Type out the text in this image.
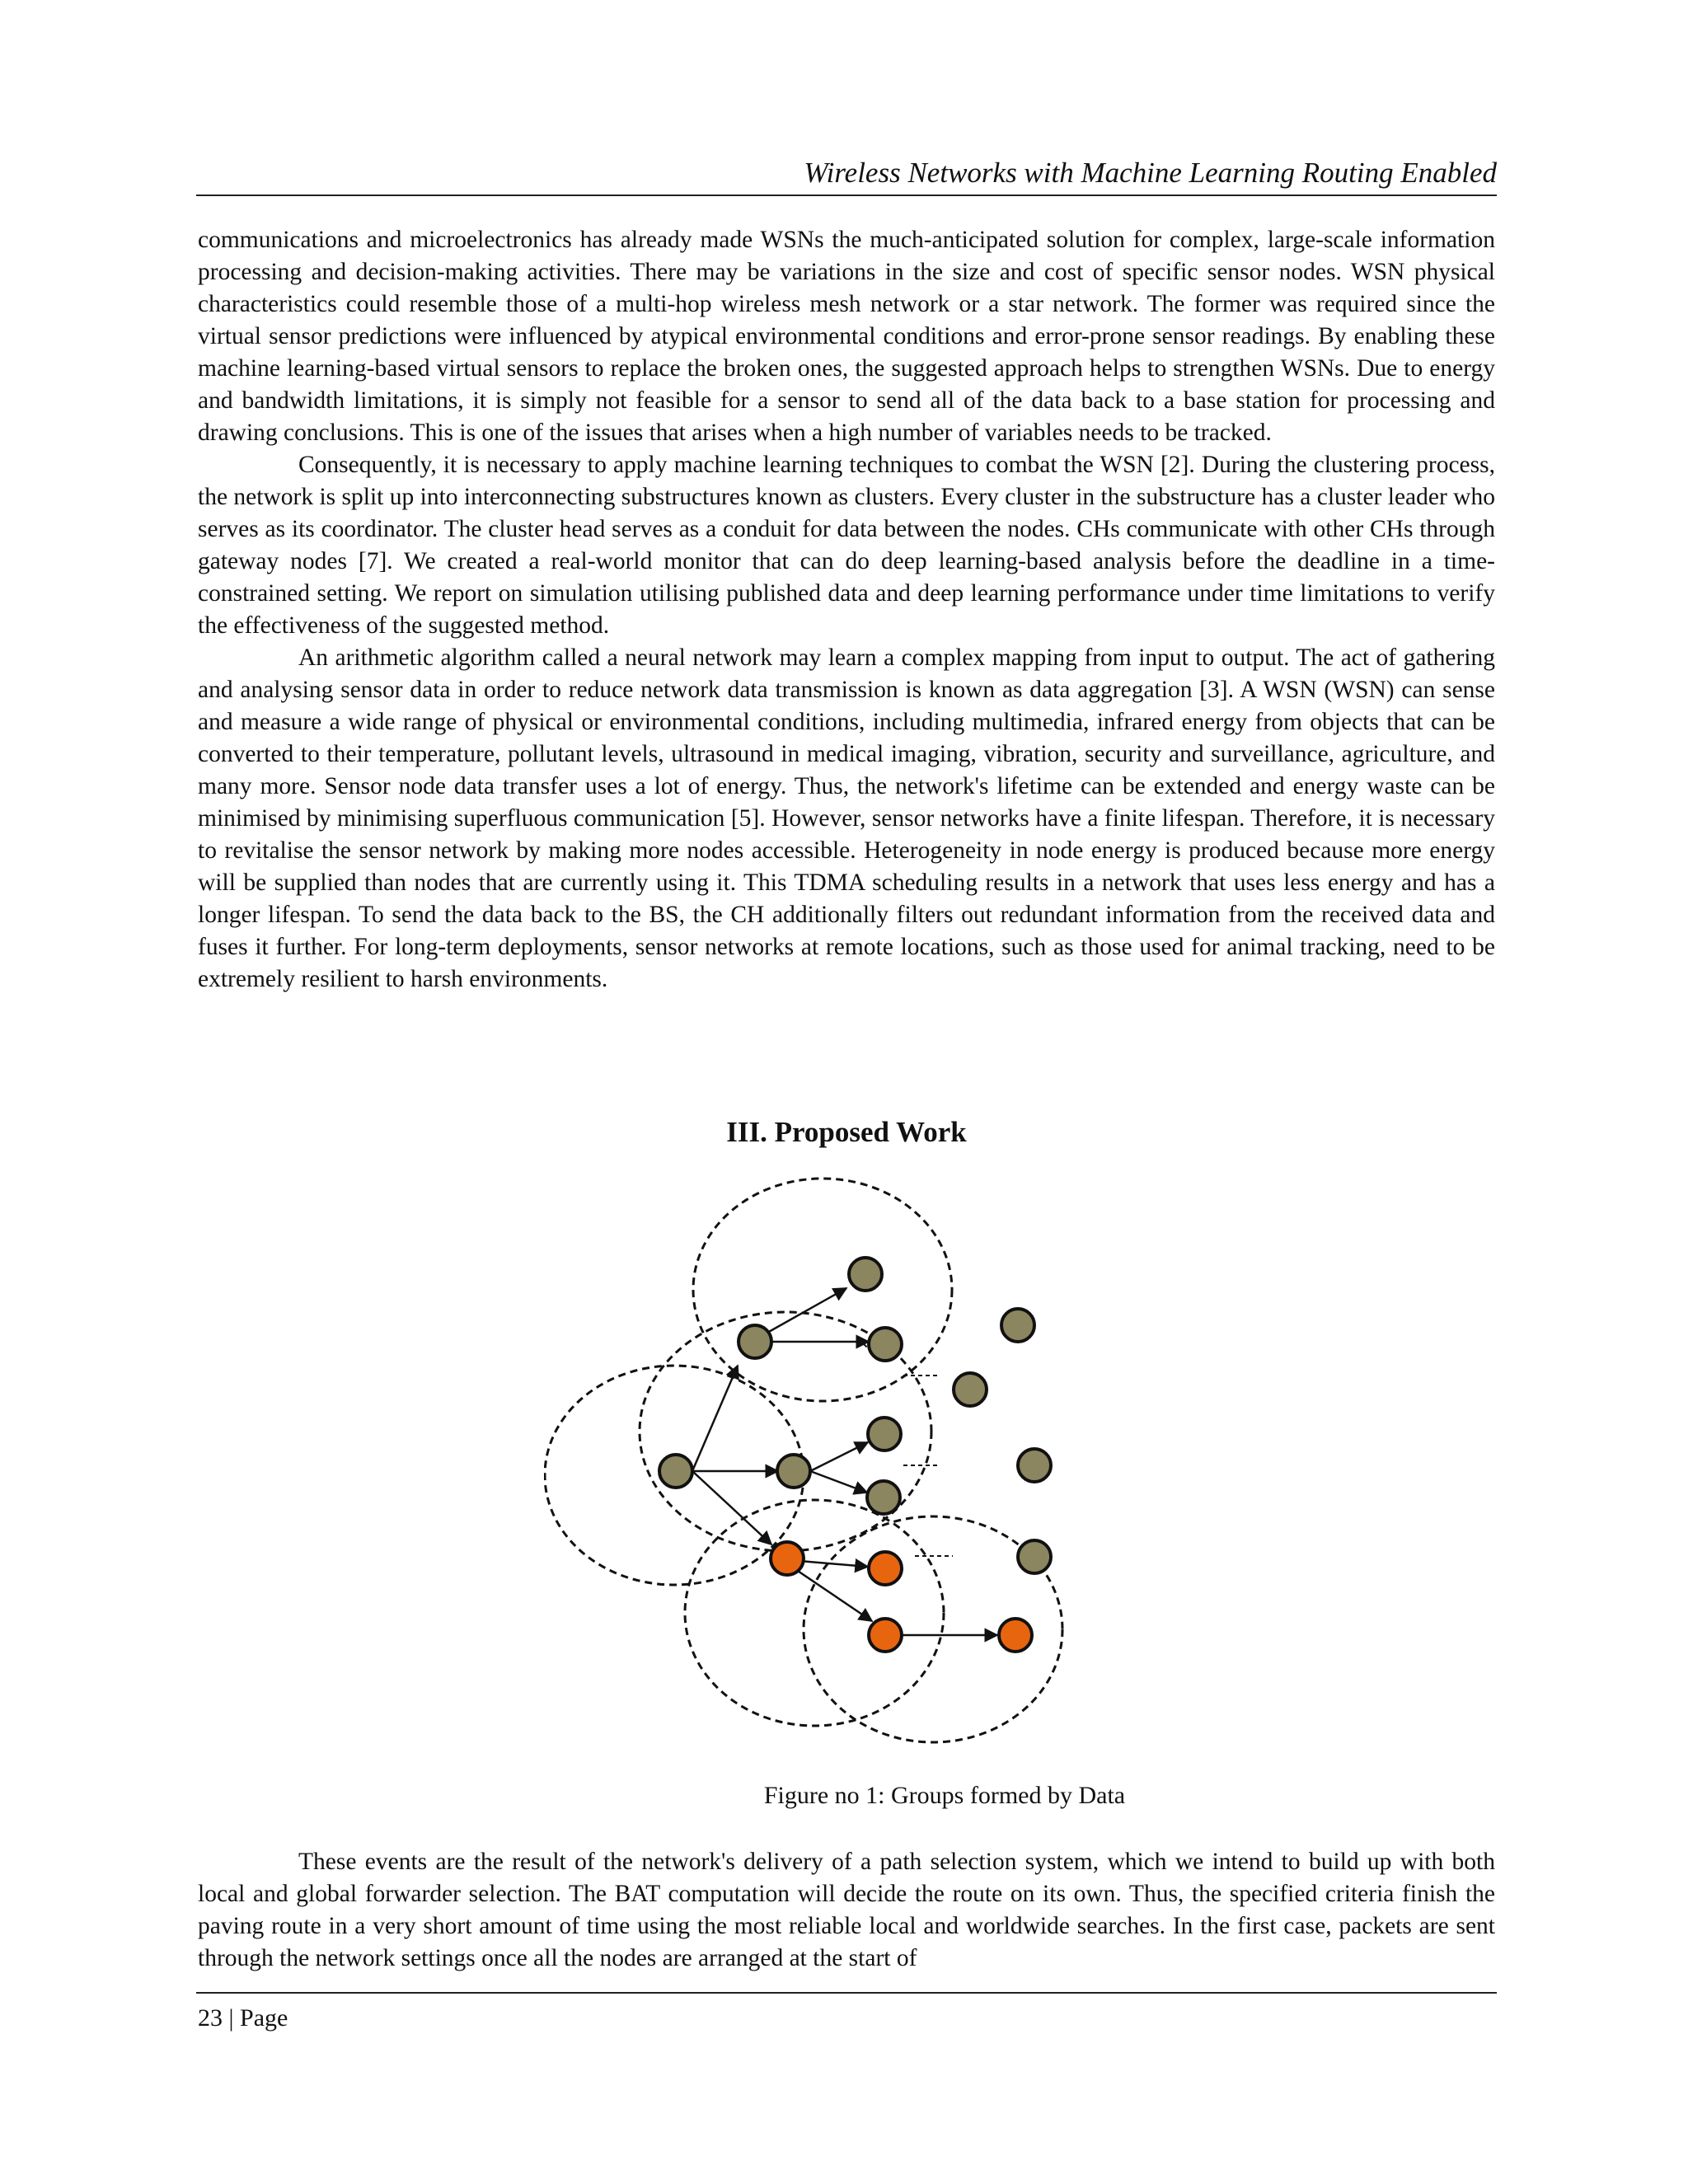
Wireless Networks with Machine Learning Routing Enabled

communications and microelectronics has already made WSNs the much-anticipated solution for complex, large-scale information processing and decision-making activities. There may be variations in the size and cost of specific sensor nodes. WSN physical characteristics could resemble those of a multi-hop wireless mesh network or a star network. The former was required since the virtual sensor predictions were influenced by atypical environmental conditions and error-prone sensor readings. By enabling these machine learning-based virtual sensors to replace the broken ones, the suggested approach helps to strengthen WSNs. Due to energy and bandwidth limitations, it is simply not feasible for a sensor to send all of the data back to a base station for processing and drawing conclusions. This is one of the issues that arises when a high number of variables needs to be tracked.

Consequently, it is necessary to apply machine learning techniques to combat the WSN [2]. During the clustering process, the network is split up into interconnecting substructures known as clusters. Every cluster in the substructure has a cluster leader who serves as its coordinator. The cluster head serves as a conduit for data between the nodes. CHs communicate with other CHs through gateway nodes [7]. We created a real-world monitor that can do deep learning-based analysis before the deadline in a time-constrained setting. We report on simulation utilising published data and deep learning performance under time limitations to verify the effectiveness of the suggested method.

An arithmetic algorithm called a neural network may learn a complex mapping from input to output. The act of gathering and analysing sensor data in order to reduce network data transmission is known as data aggregation [3]. A WSN (WSN) can sense and measure a wide range of physical or environmental conditions, including multimedia, infrared energy from objects that can be converted to their temperature, pollutant levels, ultrasound in medical imaging, vibration, security and surveillance, agriculture, and many more. Sensor node data transfer uses a lot of energy. Thus, the network's lifetime can be extended and energy waste can be minimised by minimising superfluous communication [5]. However, sensor networks have a finite lifespan. Therefore, it is necessary to revitalise the sensor network by making more nodes accessible. Heterogeneity in node energy is produced because more energy will be supplied than nodes that are currently using it. This TDMA scheduling results in a network that uses less energy and has a longer lifespan. To send the data back to the BS, the CH additionally filters out redundant information from the received data and fuses it further. For long-term deployments, sensor networks at remote locations, such as those used for animal tracking, need to be extremely resilient to harsh environments.

III. Proposed Work

Figure no 1: Groups formed by Data

These events are the result of the network's delivery of a path selection system, which we intend to build up with both local and global forwarder selection. The BAT computation will decide the route on its own. Thus, the specified criteria finish the paving route in a very short amount of time using the most reliable local and worldwide searches. In the first case, packets are sent through the network settings once all the nodes are arranged at the start of

23 | Page
